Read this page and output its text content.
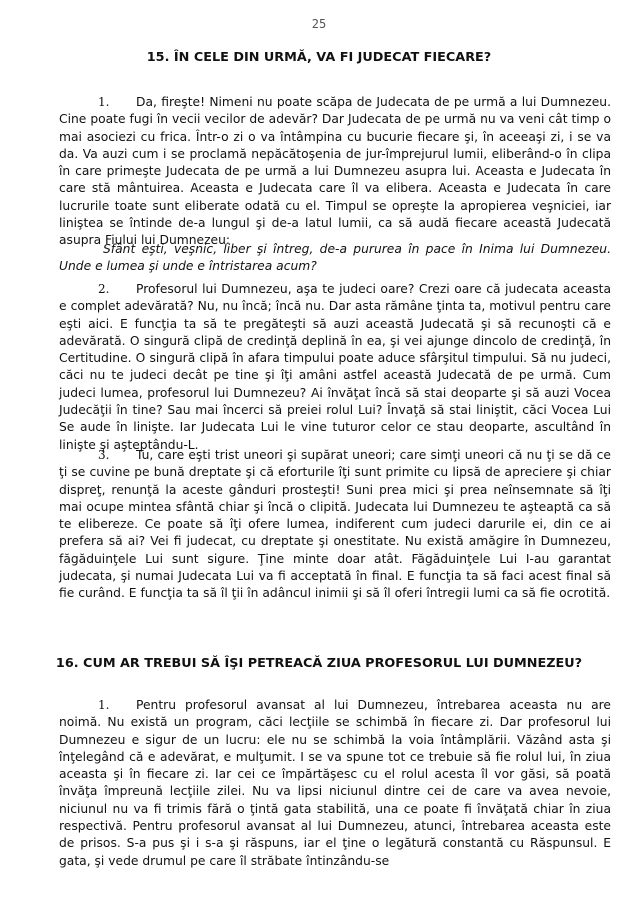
25
15. ÎN CELE DIN URMĂ, VA FI JUDECAT FIECARE?

1. Da, fireşte! Nimeni nu poate scăpa de Judecata de pe urmă a lui Dumnezeu. Cine poate fugi în vecii vecilor de adevăr? Dar Judecata de pe urmă nu va veni cât timp o mai asociezi cu frica. Într-o zi o va întâmpina cu bucurie fiecare şi, în aceeaşi zi, i se va da. Va auzi cum i se proclamă nepăcătoşenia de jur-împrejurul lumii, eliberând-o în clipa în care primeşte Judecata de pe urmă a lui Dumnezeu asupra lui. Aceasta e Judecata în care stă mântuirea. Aceasta e Judecata care îl va elibera. Aceasta e Judecata în care lucrurile toate sunt eliberate odată cu el. Timpul se opreşte la apropierea veşniciei, iar liniştea se întinde de-a lungul şi de-a latul lumii, ca să audă fiecare această Judecată asupra Fiului lui Dumnezeu:

Sfânt eşti, veşnic, liber şi întreg, de-a pururea în pace în Inima lui Dumnezeu. Unde e lumea şi unde e întristarea acum?

2. Profesorul lui Dumnezeu, aşa te judeci oare? Crezi oare că judecata aceasta e complet adevărată? Nu, nu încă; încă nu. Dar asta rămâne ţinta ta, motivul pentru care eşti aici. E funcţia ta să te pregăteşti să auzi această Judecată şi să recunoşti că e adevărată. O singură clipă de credinţă deplină în ea, şi vei ajunge dincolo de credinţă, în Certitudine. O singură clipă în afara timpului poate aduce sfârşitul timpului. Să nu judeci, căci nu te judeci decât pe tine şi îţi amâni astfel această Judecată de pe urmă. Cum judeci lumea, profesorul lui Dumnezeu? Ai învăţat încă să stai deoparte şi să auzi Vocea Judecăţii în tine? Sau mai încerci să preiei rolul Lui? Învaţă să stai liniştit, căci Vocea Lui Se aude în linişte. Iar Judecata Lui le vine tuturor celor ce stau deoparte, ascultând în linişte şi aşteptându-L.

3. Tu, care eşti trist uneori şi supărat uneori; care simţi uneori că nu ţi se dă ce ţi se cuvine pe bună dreptate şi că eforturile îţi sunt primite cu lipsă de apreciere şi chiar dispreţ, renunţă la aceste gânduri prosteşti! Suni prea mici şi prea neînsemnate să îţi mai ocupe mintea sfântă chiar şi încă o clipită. Judecata lui Dumnezeu te aşteaptă ca să te elibereze. Ce poate să îţi ofere lumea, indiferent cum judeci darurile ei, din ce ai prefera să ai? Vei fi judecat, cu dreptate şi onestitate. Nu există amăgire în Dumnezeu, făgăduinţele Lui sunt sigure. Ţine minte doar atât. Făgăduinţele Lui I-au garantat judecata, şi numai Judecata Lui va fi acceptată în final. E funcţia ta să faci acest final să fie curând. E funcţia ta să îl ţii în adâncul inimii şi să îl oferi întregii lumi ca să fie ocrotită.

16. CUM AR TREBUI SĂ ÎŞI PETREACĂ ZIUA PROFESORUL LUI DUMNEZEU?

1. Pentru profesorul avansat al lui Dumnezeu, întrebarea aceasta nu are noimă. Nu există un program, căci lecţiile se schimbă în fiecare zi. Dar profesorul lui Dumnezeu e sigur de un lucru: ele nu se schimbă la voia întâmplării. Văzând asta şi înţelegând că e adevărat, e mulţumit. I se va spune tot ce trebuie să fie rolul lui, în ziua aceasta şi în fiecare zi. Iar cei ce împărtăşesc cu el rolul acesta îl vor găsi, să poată învăţa împreună lecţiile zilei. Nu va lipsi niciunul dintre cei de care va avea nevoie, niciunul nu va fi trimis fără o ţintă gata stabilită, una ce poate fi învăţată chiar în ziua respectivă. Pentru profesorul avansat al lui Dumnezeu, atunci, întrebarea aceasta este de prisos. S-a pus şi i s-a şi răspuns, iar el ţine o legătură constantă cu Răspunsul. E gata, şi vede drumul pe care îl străbate întinzându-se
